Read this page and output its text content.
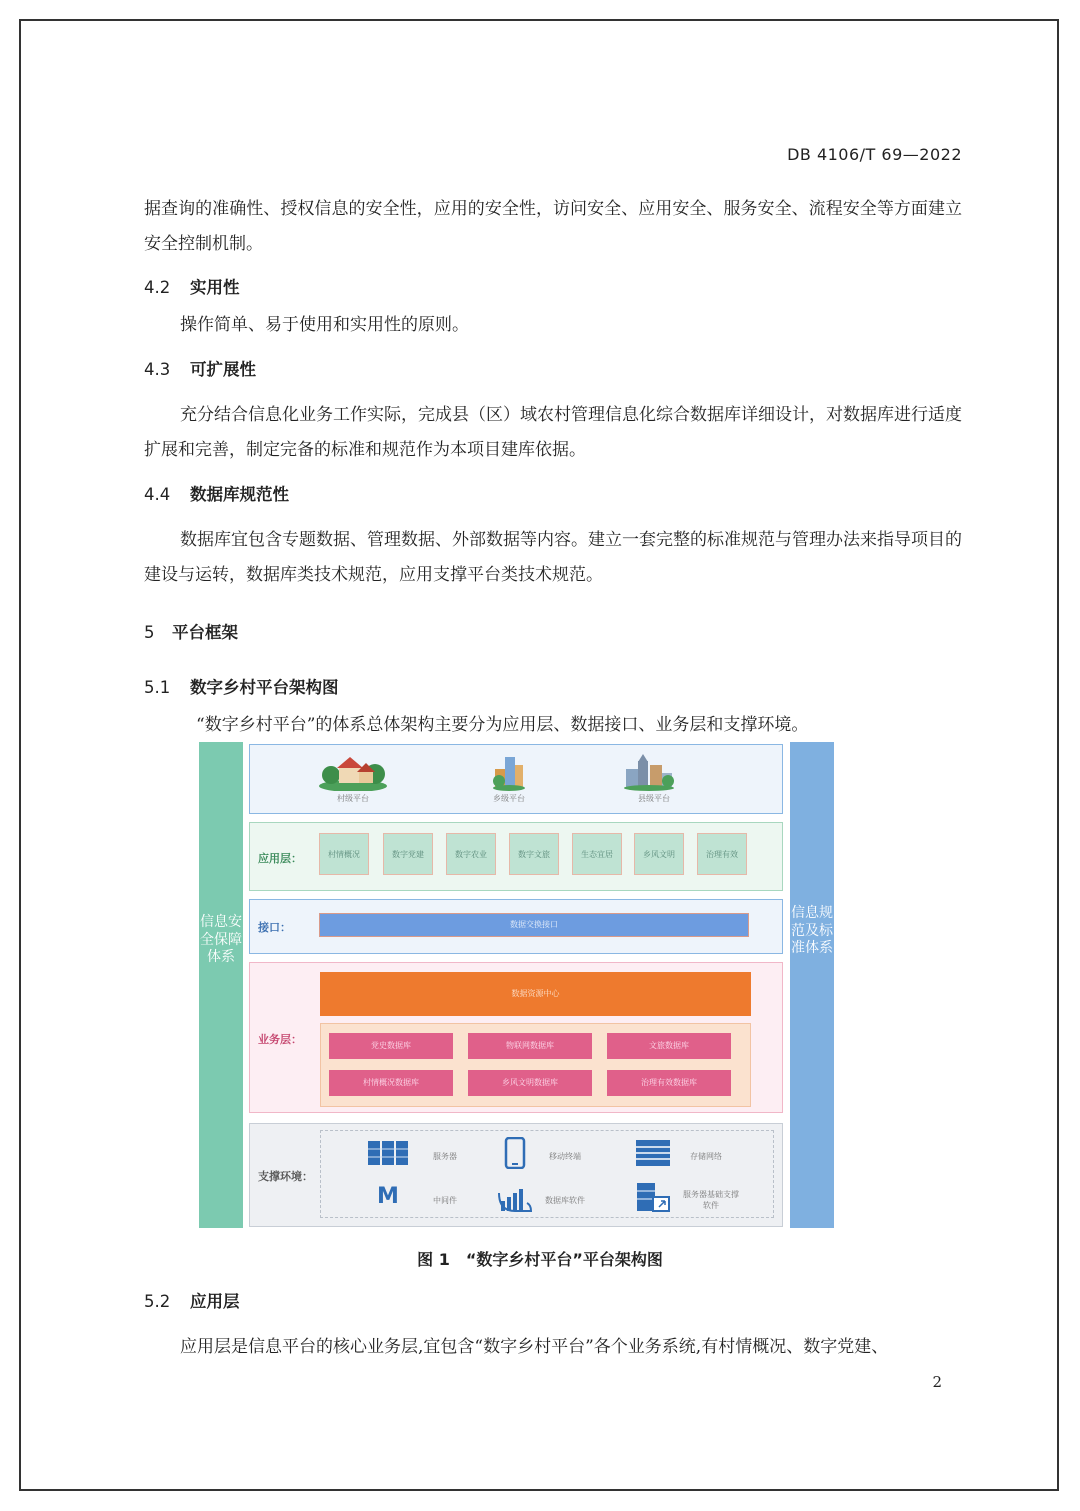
DB 4106/T 69—2022

据查询的准确性、授权信息的安全性，应用的安全性，访问安全、应用安全、服务安全、流程安全等方面建立安全控制机制。

4.2 实用性

操作简单、易于使用和实用性的原则。

4.3 可扩展性

充分结合信息化业务工作实际，完成县（区）域农村管理信息化综合数据库详细设计，对数据库进行适度扩展和完善，制定完备的标准和规范作为本项目建库依据。

4.4 数据库规范性

数据库宜包含专题数据、管理数据、外部数据等内容。建立一套完整的标准规范与管理办法来指导项目的建设与运转，数据库类技术规范，应用支撑平台类技术规范。

5 平台框架
5.1 数字乡村平台架构图

“数字乡村平台”的体系总体架构主要分为应用层、数据接口、业务层和支撑环境。

信息安全保障体系
信息规范及标准体系
村级平台	乡级平台	县级平台
应用层：	村情概况	数字党建	数字农业	数字文旅	生态宜居	乡风文明	治理有效
接口：	数据交换接口
业务层：
数据资源中心
党史数据库	物联网数据库	文旅数据库
村情概况数据库	乡风文明数据库	治理有效数据库
支撑环境：
服务器	移动终端	存储网络
M	中间件	数据库软件
服务器基础支撑软件
图 1　“数字乡村平台”平台架构图
5.2 应用层

应用层是信息平台的核心业务层,宜包含“数字乡村平台”各个业务系统,有村情概况、数字党建、

2
